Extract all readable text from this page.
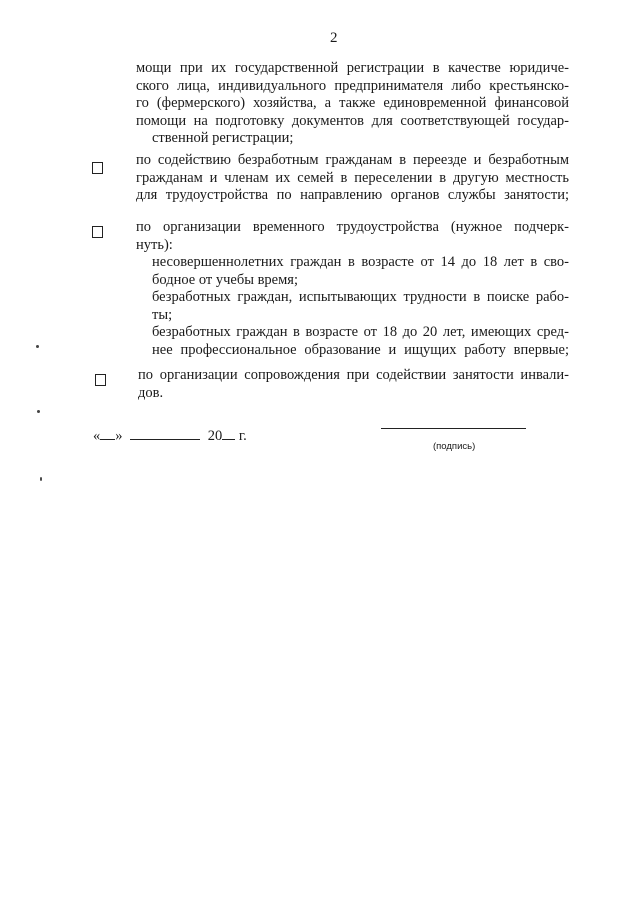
2
мощи при их государственной регистрации в качестве юридиче-
ского лица, индивидуального предпринимателя либо крестьянско-
го (фермерского) хозяйства, а также единовременной финансовой
помощи на подготовку документов для соответствующей государ-
ственной регистрации;
по содействию безработным гражданам в переезде и безработным
гражданам и членам их семей в переселении в другую местность
для трудоустройства по направлению органов службы занятости;
по организации временного трудоустройства (нужное подчерк-
нуть):
несовершеннолетних граждан в возрасте от 14 до 18 лет в сво-
бодное от учебы время;
безработных граждан, испытывающих трудности в поиске рабо-
ты;
безработных граждан в возрасте от 18 до 20 лет, имеющих сред-
нее профессиональное образование и ищущих работу впервые;
по организации сопровождения при содействии занятости инвали-
дов.
« »	20 г.
(подпись)
